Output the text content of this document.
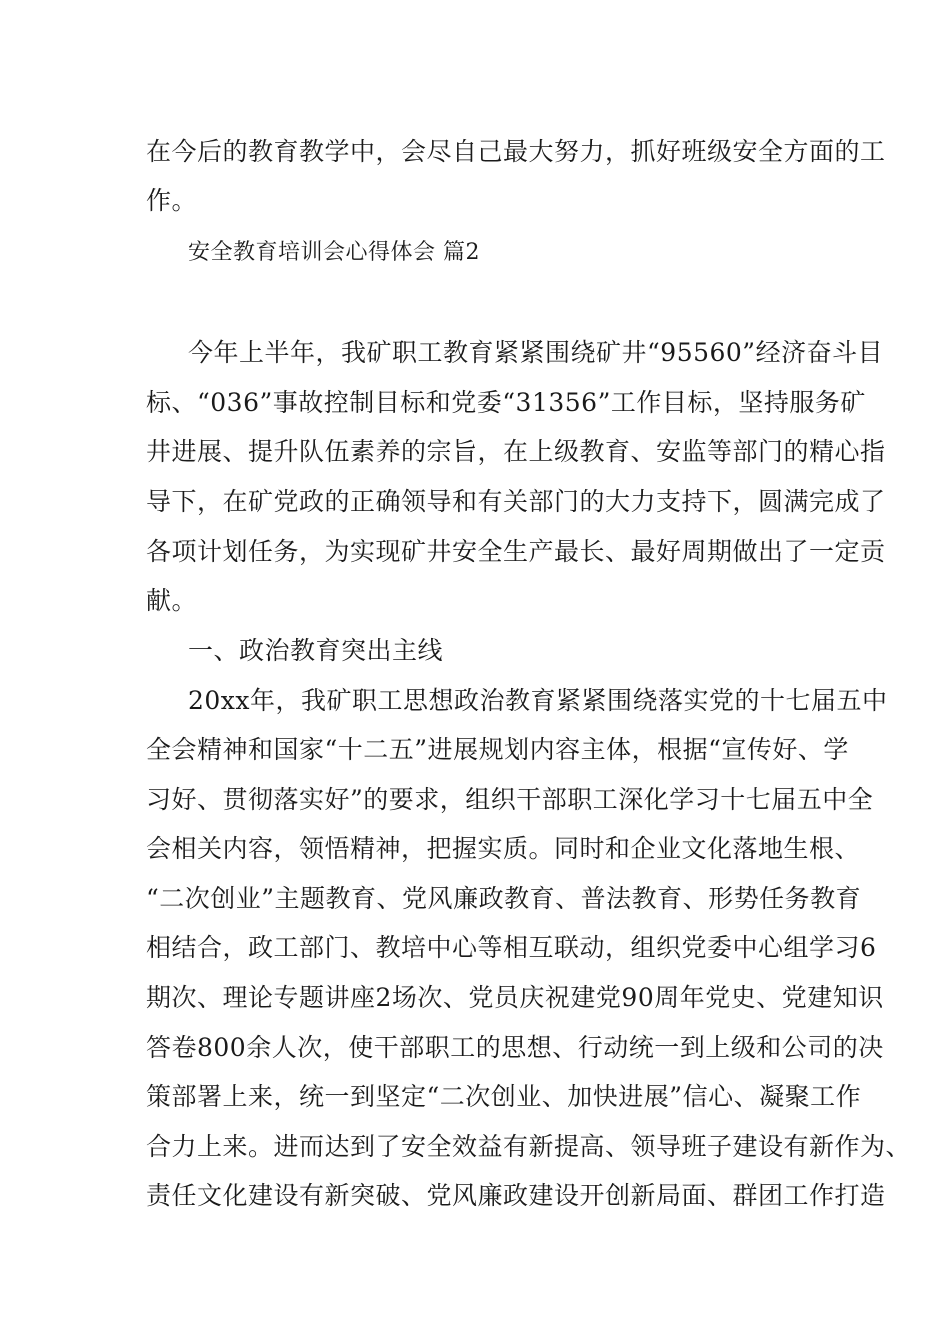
在今后的教育教学中，会尽自己最大努力，抓好班级安全方面的工
作。
安全教育培训会心得体会 篇2
今年上半年，我矿职工教育紧紧围绕矿井“95560”经济奋斗目
标、“036”事故控制目标和党委“31356”工作目标，坚持服务矿
井进展、提升队伍素养的宗旨，在上级教育、安监等部门的精心指
导下，在矿党政的正确领导和有关部门的大力支持下，圆满完成了
各项计划任务，为实现矿井安全生产最长、最好周期做出了一定贡
献。
一、政治教育突出主线
20xx年，我矿职工思想政治教育紧紧围绕落实党的十七届五中
全会精神和国家“十二五”进展规划内容主体，根据“宣传好、学
习好、贯彻落实好”的要求，组织干部职工深化学习十七届五中全
会相关内容，领悟精神，把握实质。同时和企业文化落地生根、
“二次创业”主题教育、党风廉政教育、普法教育、形势任务教育
相结合，政工部门、教培中心等相互联动，组织党委中心组学习6
期次、理论专题讲座2场次、党员庆祝建党90周年党史、党建知识
答卷800余人次，使干部职工的思想、行动统一到上级和公司的决
策部署上来，统一到坚定“二次创业、加快进展”信心、凝聚工作
合力上来。进而达到了安全效益有新提高、领导班子建设有新作为、
责任文化建设有新突破、党风廉政建设开创新局面、群团工作打造
